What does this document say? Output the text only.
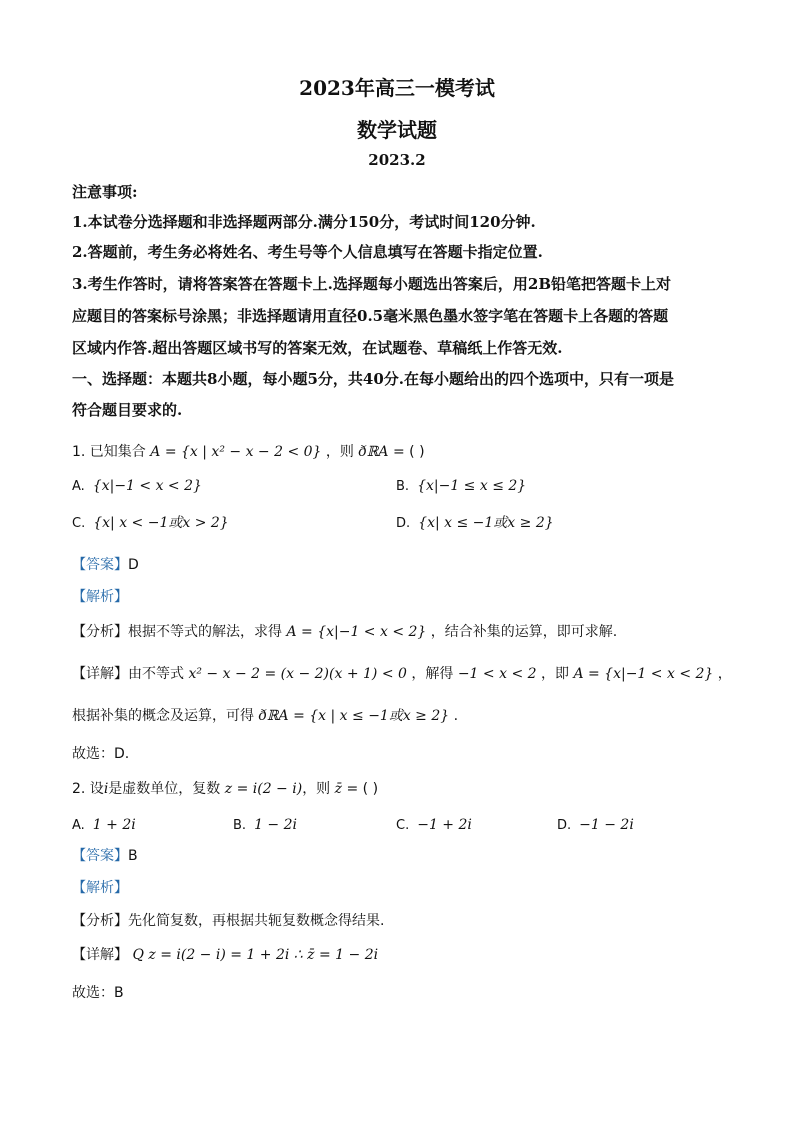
2023年高三一模考试
数学试题
2023.2
注意事项:
1.本试卷分选择题和非选择题两部分.满分150分，考试时间120分钟.
2.答题前，考生务必将姓名、考生号等个人信息填写在答题卡指定位置.
3.考生作答时，请将答案答在答题卡上.选择题每小题选出答案后，用2B铅笔把答题卡上对
应题目的答案标号涂黑；非选择题请用直径0.5毫米黑色墨水签字笔在答题卡上各题的答题
区域内作答.超出答题区域书写的答案无效，在试题卷、草稿纸上作答无效.
一、选择题：本题共8小题，每小题5分，共40分.在每小题给出的四个选项中，只有一项是
符合题目要求的.
1. 已知集合 A = {x | x² − x − 2 < 0} ，则 ðℝA = ( )
A. {x|−1 < x < 2}	B. {x|−1 ≤ x ≤ 2}
C. {x| x < −1或x > 2}	D. {x| x ≤ −1或x ≥ 2}
【答案】D
【解析】
【分析】根据不等式的解法，求得 A = {x|−1 < x < 2} ，结合补集的运算，即可求解.
【详解】由不等式 x² − x − 2 = (x − 2)(x + 1) < 0 ，解得 −1 < x < 2 ，即 A = {x|−1 < x < 2} ，
根据补集的概念及运算，可得 ðℝA = {x | x ≤ −1或x ≥ 2} .
故选：D.
2. 设i是虚数单位，复数 z = i(2 − i)，则 z̄ = ( )
A. 1 + 2i	B. 1 − 2i	C. −1 + 2i	D. −1 − 2i
【答案】B
【解析】
【分析】先化简复数，再根据共轭复数概念得结果.
【详解】 Q z = i(2 − i) = 1 + 2i ∴ z̄ = 1 − 2i
故选：B
